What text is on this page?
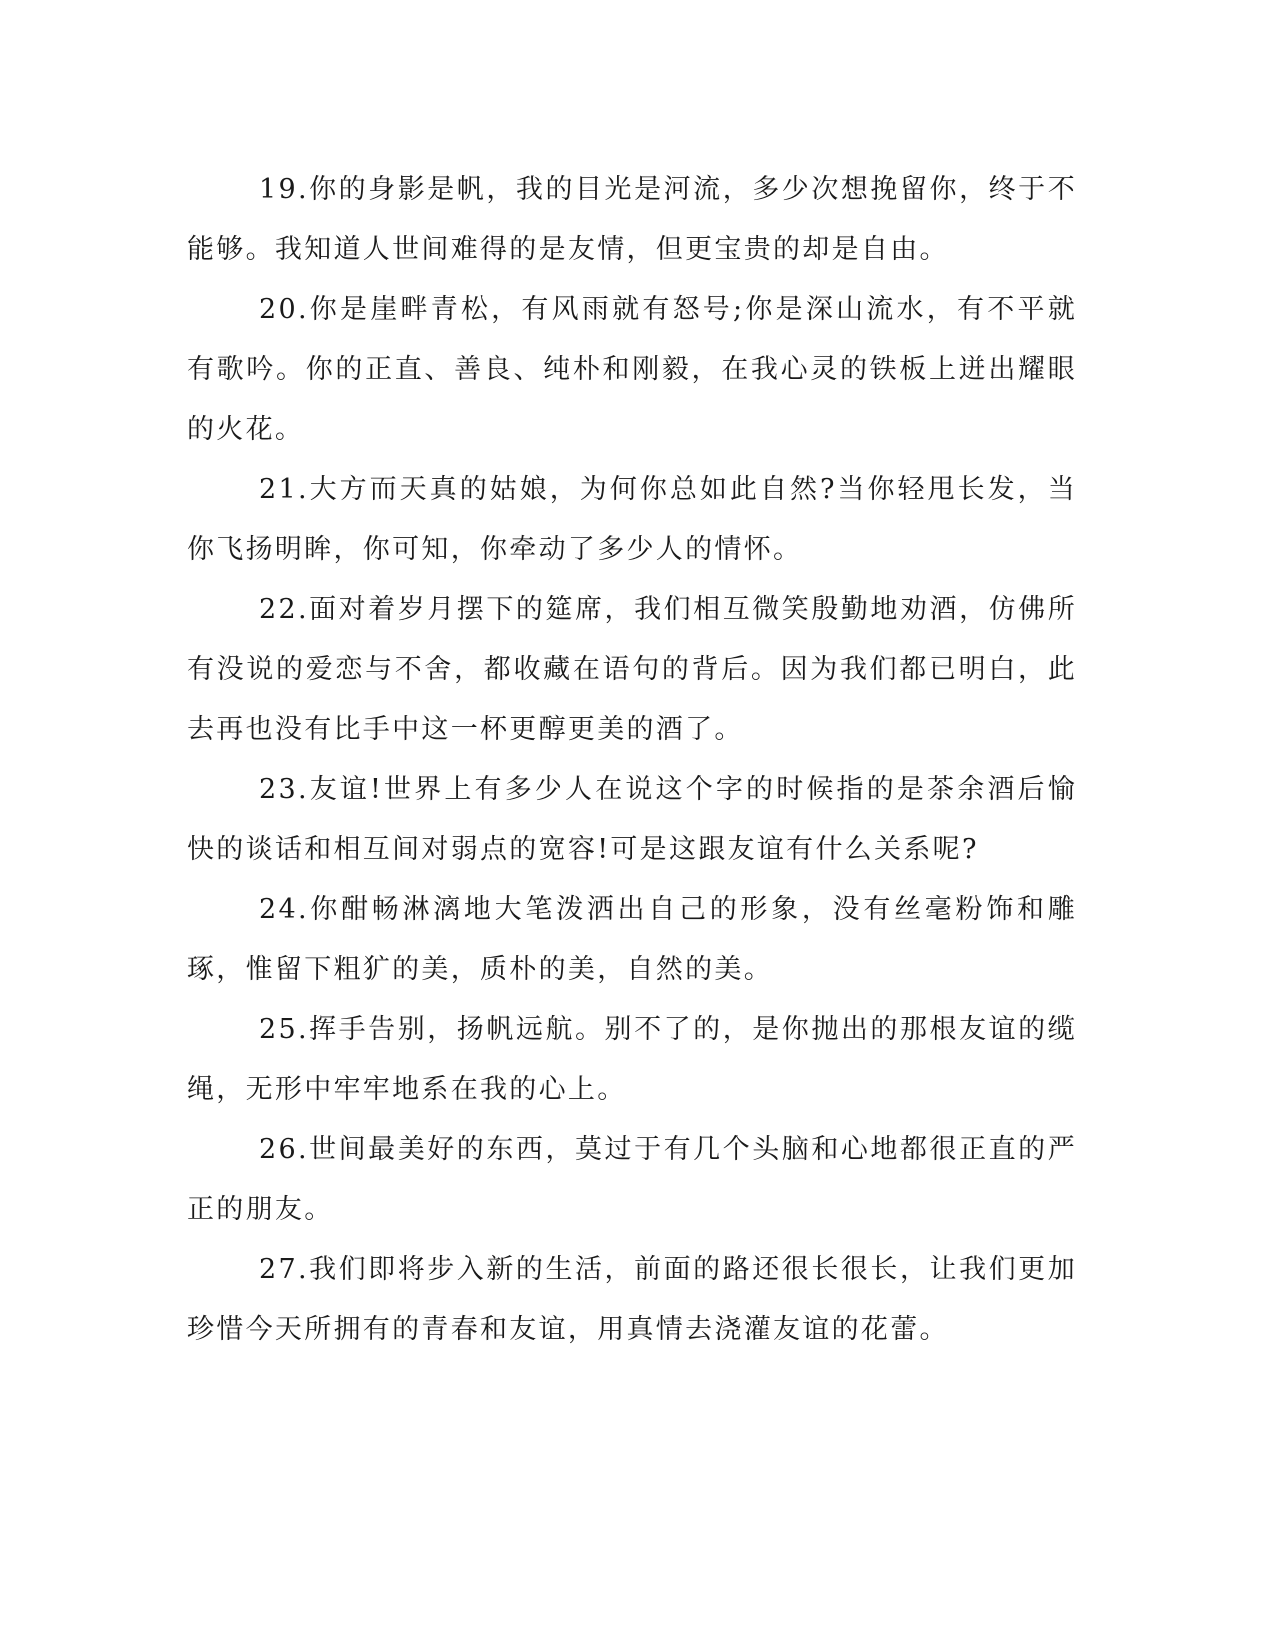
19.你的身影是帆，我的目光是河流，多少次想挽留你，终于不能够。我知道人世间难得的是友情，但更宝贵的却是自由。

20.你是崖畔青松，有风雨就有怒号;你是深山流水，有不平就有歌吟。你的正直、善良、纯朴和刚毅，在我心灵的铁板上迸出耀眼的火花。

21.大方而天真的姑娘，为何你总如此自然?当你轻甩长发，当你飞扬明眸，你可知，你牵动了多少人的情怀。

22.面对着岁月摆下的筵席，我们相互微笑殷勤地劝酒，仿佛所有没说的爱恋与不舍，都收藏在语句的背后。因为我们都已明白，此去再也没有比手中这一杯更醇更美的酒了。

23.友谊!世界上有多少人在说这个字的时候指的是茶余酒后愉快的谈话和相互间对弱点的宽容!可是这跟友谊有什么关系呢?

24.你酣畅淋漓地大笔泼洒出自己的形象，没有丝毫粉饰和雕琢，惟留下粗犷的美，质朴的美，自然的美。

25.挥手告别，扬帆远航。别不了的，是你抛出的那根友谊的缆绳，无形中牢牢地系在我的心上。

26.世间最美好的东西，莫过于有几个头脑和心地都很正直的严正的朋友。

27.我们即将步入新的生活，前面的路还很长很长，让我们更加珍惜今天所拥有的青春和友谊，用真情去浇灌友谊的花蕾。
